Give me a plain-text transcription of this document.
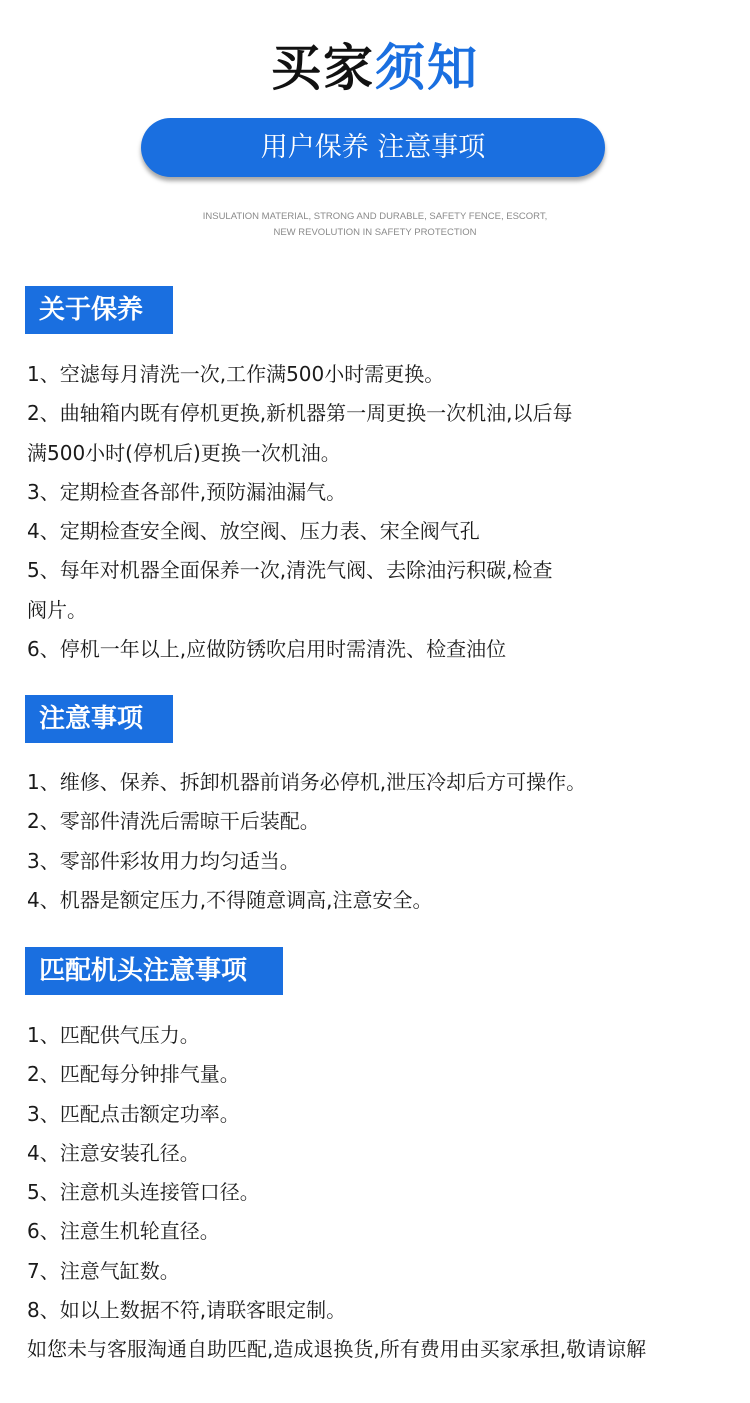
买家须知
用户保养 注意事项
INSULATION MATERIAL, STRONG AND DURABLE, SAFETY FENCE, ESCORT,
NEW REVOLUTION IN SAFETY PROTECTION
关于保养
1、空滤每月清洗一次,工作满500小时需更换。
2、曲轴箱内既有停机更换,新机器第一周更换一次机油,以后每
满500小时(停机后)更换一次机油。
3、定期检查各部件,预防漏油漏气。
4、定期检查安全阀、放空阀、压力表、宋全阀气孔
5、每年对机器全面保养一次,清洗气阀、去除油污积碳,检查
阀片。
6、停机一年以上,应做防锈吹启用时需清洗、检查油位
注意事项
1、维修、保养、拆卸机器前诮务必停机,泄压冷却后方可操作。
2、零部件清洗后需晾干后装配。
3、零部件彩妆用力均匀适当。
4、机器是额定压力,不得随意调高,注意安全。
匹配机头注意事项
1、匹配供气压力。
2、匹配每分钟排气量。
3、匹配点击额定功率。
4、注意安装孔径。
5、注意机头连接管口径。
6、注意生机轮直径。
7、注意气缸数。
8、如以上数据不符,请联客眼定制。
如您未与客服淘通自助匹配,造成退换货,所有费用由买家承担,敬请谅解
